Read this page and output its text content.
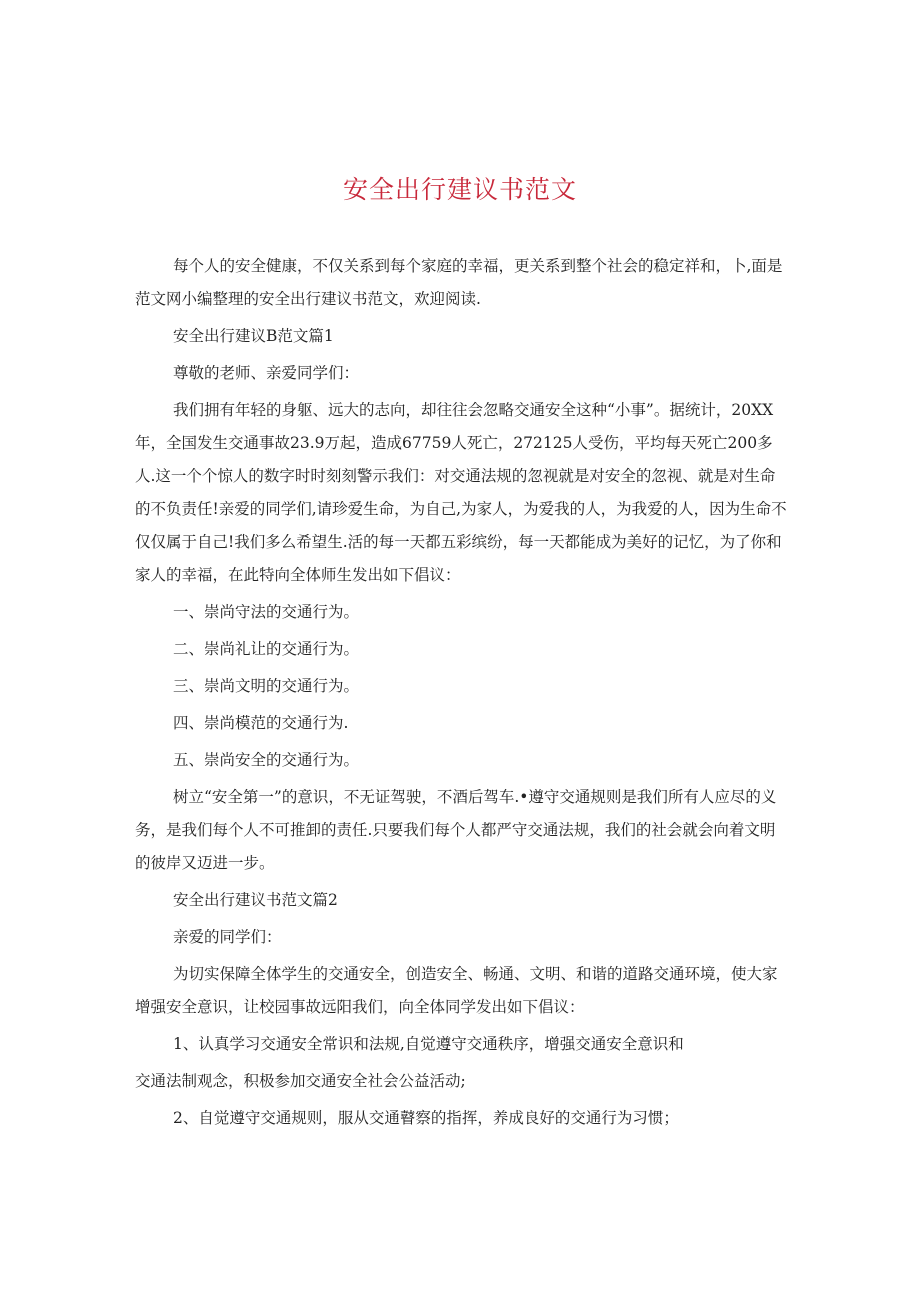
安全出行建议书范文

每个人的安全健康，不仅关系到每个家庭的幸福，更关系到整个社会的稳定祥和，卜,面是范文网小编整理的安全出行建议书范文，欢迎阅读.

安全出行建议B范文篇1

尊敬的老师、亲爱同学们：

我们拥有年轻的身躯、远大的志向，却往往会忽略交通安全这种“小事”。据统计，20XX年，全国发生交通事故23.9万起，造成67759人死亡，272125人受伤，平均每天死亡200多人.这一个个惊人的数字时时刻刻警示我们：对交通法规的忽视就是对安全的忽视、就是对生命的不负责任!亲爱的同学们,请珍爱生命，为自己,为家人，为爱我的人，为我爱的人，因为生命不仅仅属于自己!我们多么希望生.活的每一天都五彩缤纷，每一天都能成为美好的记忆，为了你和家人的幸福，在此特向全体师生发出如下倡议：

一、崇尚守法的交通行为。

二、崇尚礼让的交通行为。

三、崇尚文明的交通行为。

四、崇尚模范的交通行为.

五、崇尚安全的交通行为。

树立“安全第一”的意识，不无证驾驶，不酒后驾车.•遵守交通规则是我们所有人应尽的义务，是我们每个人不可推卸的责任.只要我们每个人都严守交通法规，我们的社会就会向着文明的彼岸又迈进一步。

安全出行建议书范文篇2

亲爱的同学们：

为切实保障全体学生的交通安全，创造安全、畅通、文明、和谐的道路交通环境，使大家增强安全意识，让校园事故远阳我们，向全体同学发出如下倡议：

1、认真学习交通安全常识和法规,自觉遵守交通秩序，增强交通安全意识和

交通法制观念，积极参加交通安全社会公益活动;

2、自觉遵守交通规则，服从交通瞽察的指挥，养成良好的交通行为习惯；
